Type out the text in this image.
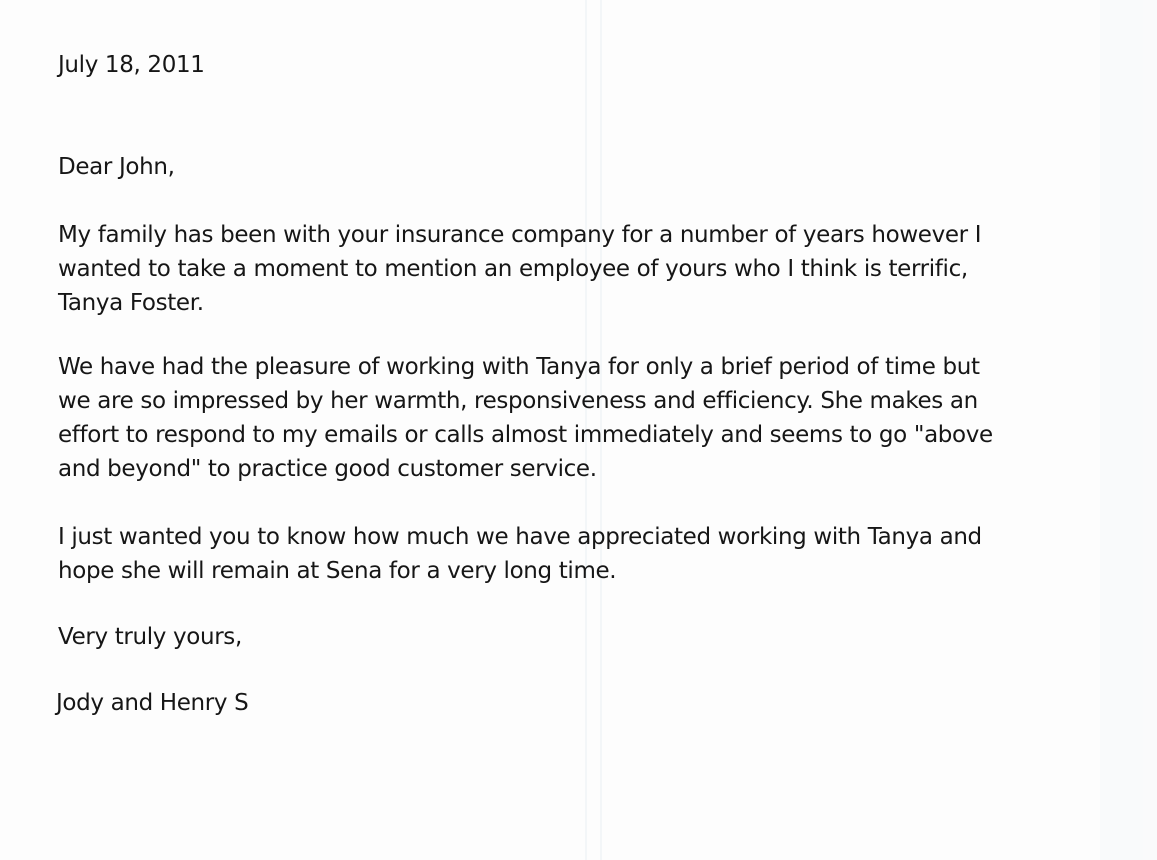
July 18, 2011

Dear John,

My family has been with your insurance company for a number of years however I

wanted to take a moment to mention an employee of yours who I think is terrific,

Tanya Foster.

We have had the pleasure of working with Tanya for only a brief period of time but

we are so impressed by her warmth, responsiveness and efficiency. She makes an

effort to respond to my emails or calls almost immediately and seems to go "above

and beyond" to practice good customer service.

I just wanted you to know how much we have appreciated working with Tanya and

hope she will remain at Sena for a very long time.

Very truly yours,

Jody and Henry S
